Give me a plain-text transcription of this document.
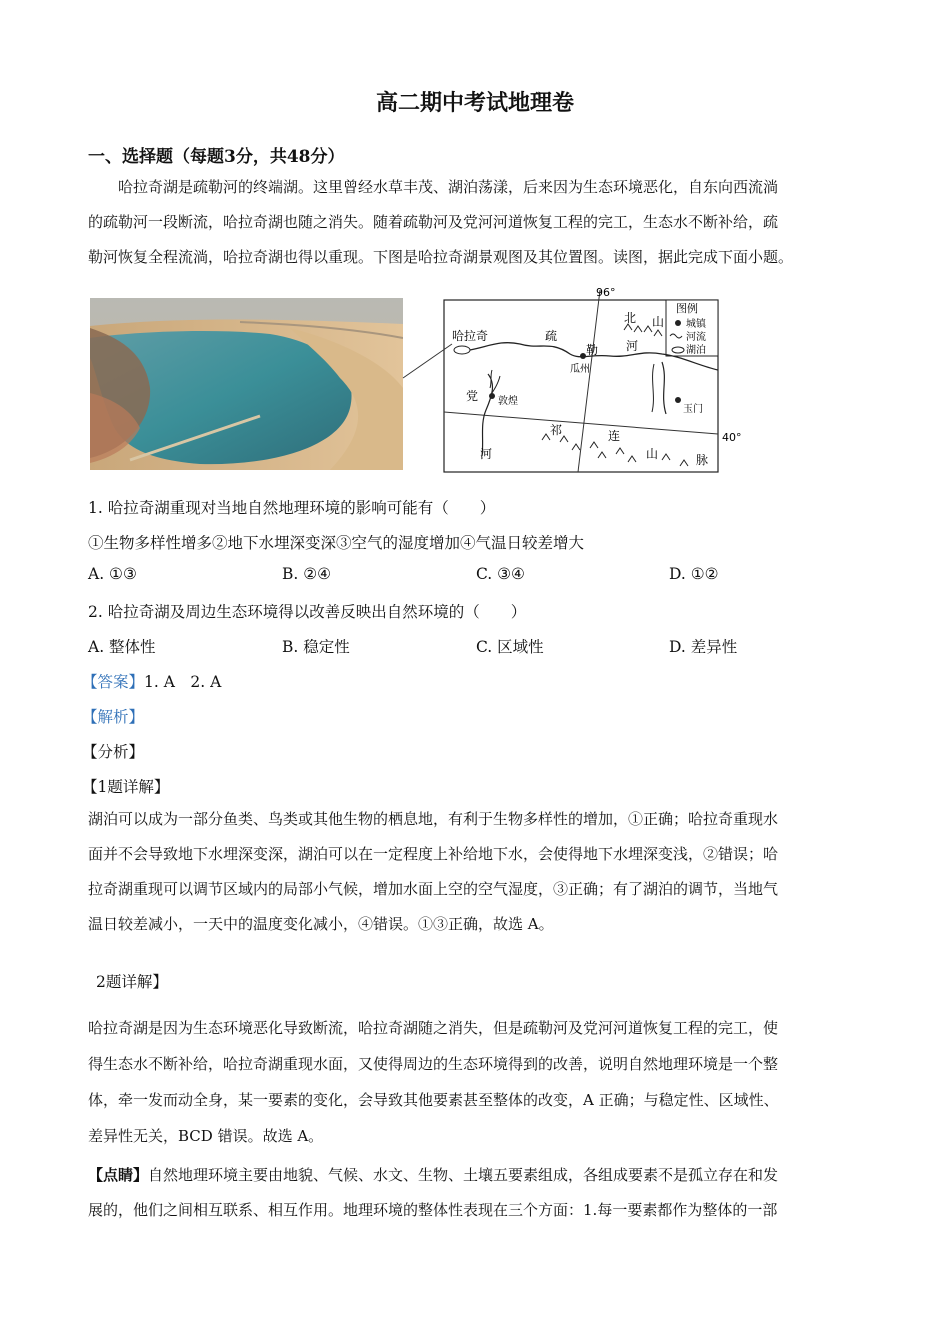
高二期中考试地理卷
一、选择题（每题3分，共48分）

哈拉奇湖是疏勒河的终端湖。这里曾经水草丰茂、湖泊荡漾，后来因为生态环境恶化，自东向西流淌

的疏勒河一段断流，哈拉奇湖也随之消失。随着疏勒河及党河河道恢复工程的完工，生态水不断补给，疏

勒河恢复全程流淌，哈拉奇湖也得以重现。下图是哈拉奇湖景观图及其位置图。读图，据此完成下面小题。

96°
40°
图例
城镇
河流
湖泊
哈拉奇	疏
勒 河
瓜州
敦煌
党
河
玉门
北 山
祁	连
山	脉
1. 哈拉奇湖重现对当地自然地理环境的影响可能有（　　）
①生物多样性增多②地下水埋深变深③空气的湿度增加④气温日较差增大
A. ①③	B. ②④	C. ③④	D. ①②
2. 哈拉奇湖及周边生态环境得以改善反映出自然环境的（　　）
A. 整体性	B. 稳定性	C. 区域性	D. 差异性
【答案】1. A　2. A
【解析】
【分析】
【1题详解】

湖泊可以成为一部分鱼类、鸟类或其他生物的栖息地，有利于生物多样性的增加，①正确；哈拉奇重现水

面并不会导致地下水埋深变深，湖泊可以在一定程度上补给地下水，会使得地下水埋深变浅，②错误；哈

拉奇湖重现可以调节区域内的局部小气候，增加水面上空的空气湿度，③正确；有了湖泊的调节，当地气

温日较差减小，一天中的温度变化减小，④错误。①③正确，故选 A。

2题详解】

哈拉奇湖是因为生态环境恶化导致断流，哈拉奇湖随之消失，但是疏勒河及党河河道恢复工程的完工，使

得生态水不断补给，哈拉奇湖重现水面，又使得周边的生态环境得到的改善，说明自然地理环境是一个整

体，牵一发而动全身，某一要素的变化，会导致其他要素甚至整体的改变，A 正确；与稳定性、区域性、

差异性无关，BCD 错误。故选 A。

【点睛】自然地理环境主要由地貌、气候、水文、生物、土壤五要素组成，各组成要素不是孤立存在和发

展的，他们之间相互联系、相互作用。地理环境的整体性表现在三个方面：1.每一要素都作为整体的一部
